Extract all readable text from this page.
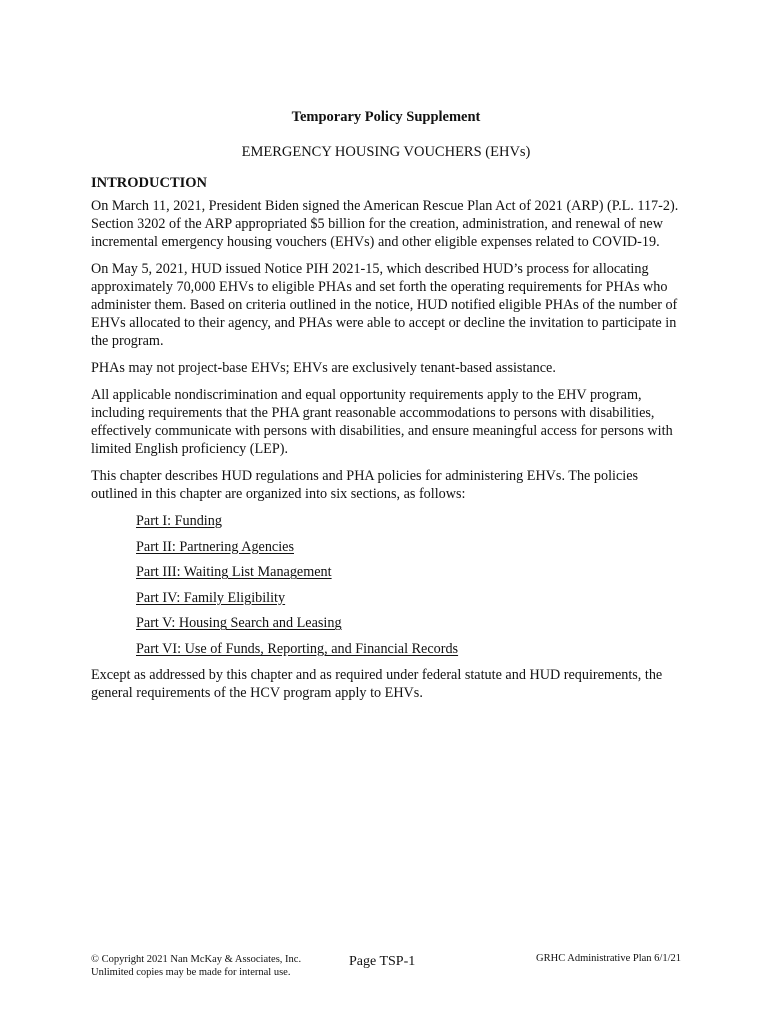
Temporary Policy Supplement
EMERGENCY HOUSING VOUCHERS (EHVs)
INTRODUCTION

On March 11, 2021, President Biden signed the American Rescue Plan Act of 2021 (ARP) (P.L. 117-2). Section 3202 of the ARP appropriated $5 billion for the creation, administration, and renewal of new incremental emergency housing vouchers (EHVs) and other eligible expenses related to COVID-19.

On May 5, 2021, HUD issued Notice PIH 2021-15, which described HUD’s process for allocating approximately 70,000 EHVs to eligible PHAs and set forth the operating requirements for PHAs who administer them. Based on criteria outlined in the notice, HUD notified eligible PHAs of the number of EHVs allocated to their agency, and PHAs were able to accept or decline the invitation to participate in the program.

PHAs may not project-base EHVs; EHVs are exclusively tenant-based assistance.

All applicable nondiscrimination and equal opportunity requirements apply to the EHV program, including requirements that the PHA grant reasonable accommodations to persons with disabilities, effectively communicate with persons with disabilities, and ensure meaningful access for persons with limited English proficiency (LEP).

This chapter describes HUD regulations and PHA policies for administering EHVs. The policies outlined in this chapter are organized into six sections, as follows:

Part I: Funding
Part II: Partnering Agencies
Part III: Waiting List Management
Part IV: Family Eligibility
Part V: Housing Search and Leasing
Part VI: Use of Funds, Reporting, and Financial Records

Except as addressed by this chapter and as required under federal statute and HUD requirements, the general requirements of the HCV program apply to EHVs.

© Copyright 2021 Nan McKay & Associates, Inc.
Unlimited copies may be made for internal use.
Page TSP-1	GRHC Administrative Plan 6/1/21
